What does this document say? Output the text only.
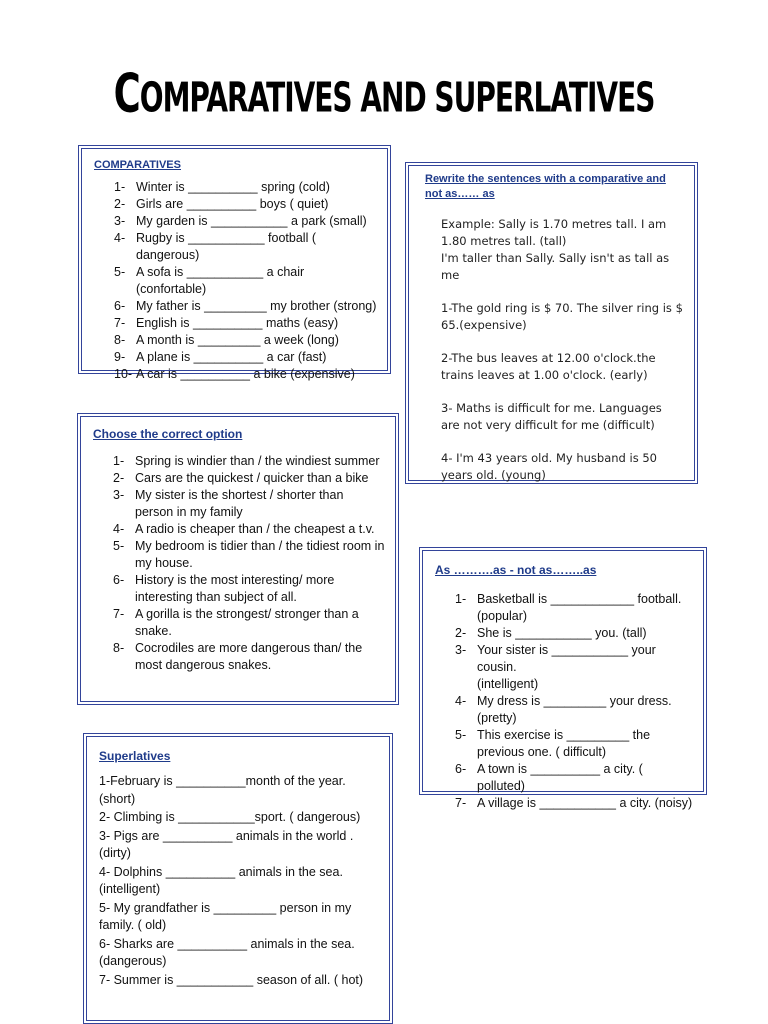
COMPARATIVES AND SUPERLATIVES
COMPARATIVES
1- Winter is __________ spring (cold)
2- Girls are __________ boys ( quiet)
3- My garden is ___________ a park (small)
4- Rugby is ___________ football ( dangerous)
5- A sofa is ___________ a chair (confortable)
6- My father is _________ my brother (strong)
7- English is __________ maths (easy)
8- A month is _________ a week (long)
9- A plane is __________ a car (fast)
10- A car is __________ a bike (expensive)
Rewrite the sentences with a comparative and not as…… as
Example: Sally is 1.70 metres tall. I am 1.80 metres tall. (tall)
I'm taller than Sally. Sally isn't as tall as me
1-The gold ring is $ 70. The silver ring is $ 65.(expensive)
2-The bus leaves at 12.00 o'clock.the trains leaves at 1.00 o'clock. (early)
3- Maths is difficult for me. Languages are not very difficult for me (difficult)
4- I'm 43 years old. My husband is 50 years old. (young)
Choose the correct option
1- Spring is windier than / the windiest summer
2- Cars are the quickest / quicker than a bike
3- My sister is the shortest / shorter than person in my family
4- A radio is cheaper than / the cheapest a t.v.
5- My bedroom is tidier than / the tidiest room in my house.
6- History is the most interesting/ more interesting than subject of all.
7- A gorilla is the strongest/ stronger than a snake.
8- Cocrodiles are more dangerous than/ the most dangerous snakes.
Superlatives
1-February is __________month of the year. (short)
2- Climbing is ___________sport. ( dangerous)
3- Pigs are __________ animals in the world . (dirty)
4- Dolphins __________ animals in the sea.
(intelligent)
5- My grandfather is _________ person in my
family. ( old)
6- Sharks are __________ animals in the sea.
(dangerous)
7- Summer is ___________ season of all. ( hot)
As ……….as - not as……..as
1- Basketball is ____________ football. (popular)
2- She is ___________ you. (tall)
3- Your sister is ___________ your cousin.
(intelligent)
4- My dress is _________ your dress. (pretty)
5- This exercise is _________ the previous one. ( difficult)
6- A town is __________ a city. ( polluted)
7- A village is ___________ a city. (noisy)
